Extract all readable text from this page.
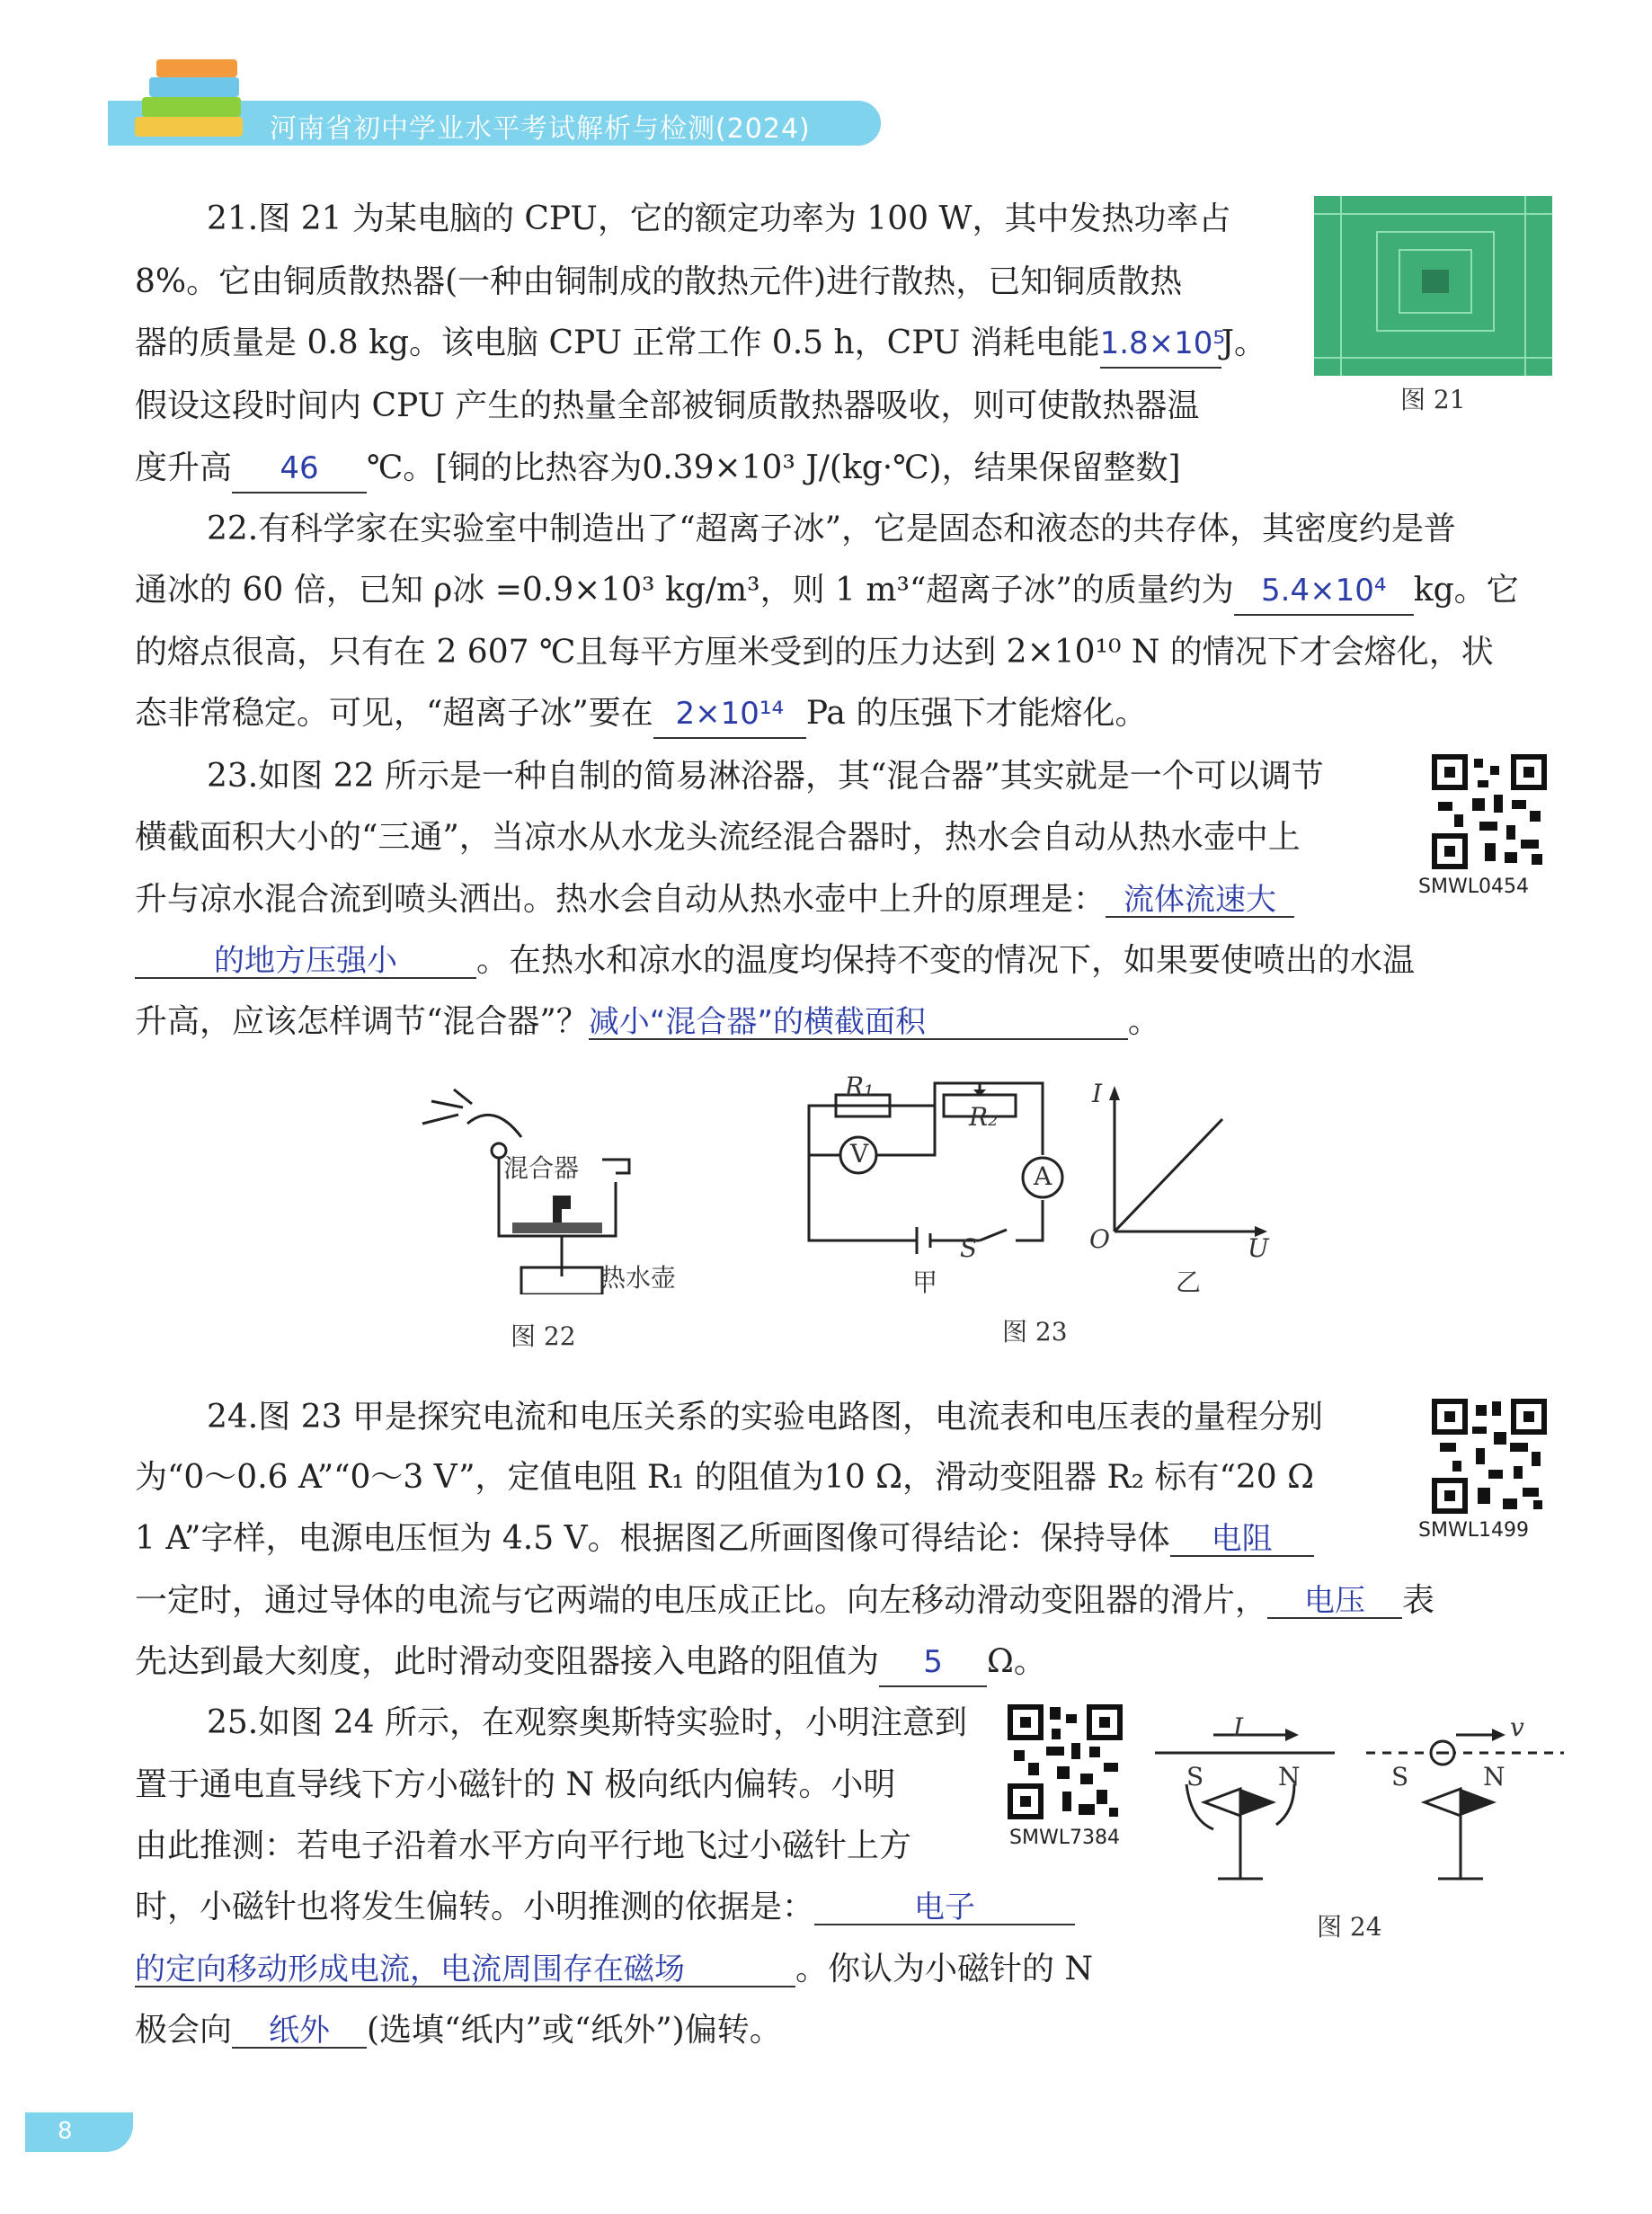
河南省初中学业水平考试解析与检测(2024)
21.图 21 为某电脑的 CPU，它的额定功率为 100 W，其中发热功率占
8%。它由铜质散热器(一种由铜制成的散热元件)进行散热，已知铜质散热
器的质量是 0.8 kg。该电脑 CPU 正常工作 0.5 h，CPU 消耗电能1.8×10⁵J。
假设这段时间内 CPU 产生的热量全部被铜质散热器吸收，则可使散热器温
度升高 46 ℃。[铜的比热容为0.39×10³ J/(kg·℃)，结果保留整数]
图 21
22.有科学家在实验室中制造出了“超离子冰”，它是固态和液态的共存体，其密度约是普
通冰的 60 倍，已知 ρ冰 =0.9×10³ kg/m³，则 1 m³“超离子冰”的质量约为 5.4×10⁴ kg。它
的熔点很高，只有在 2 607 ℃且每平方厘米受到的压力达到 2×10¹⁰ N 的情况下才会熔化，状
态非常稳定。可见，“超离子冰”要在 2×10¹⁴ Pa 的压强下才能熔化。
23.如图 22 所示是一种自制的简易淋浴器，其“混合器”其实就是一个可以调节
横截面积大小的“三通”，当凉水从水龙头流经混合器时，热水会自动从热水壶中上
升与凉水混合流到喷头洒出。热水会自动从热水壶中上升的原理是： 流体流速大
的地方压强小 。在热水和凉水的温度均保持不变的情况下，如果要使喷出的水温
升高，应该怎样调节“混合器”？减小“混合器”的横截面积	。
SMWL0454
混合器
热水壶
图 22
R₁
R₂
V
A
S
甲
I
U
O
乙
图 23
24.图 23 甲是探究电流和电压关系的实验电路图，电流表和电压表的量程分别
为“0～0.6 A”“0～3 V”，定值电阻 R₁ 的阻值为10 Ω，滑动变阻器 R₂ 标有“20 Ω
1 A”字样，电源电压恒为 4.5 V。根据图乙所画图像可得结论：保持导体 电阻
一定时，通过导体的电流与它两端的电压成正比。向左移动滑动变阻器的滑片， 电压 表
先达到最大刻度，此时滑动变阻器接入电路的阻值为 5 Ω。
SMWL1499
25.如图 24 所示，在观察奥斯特实验时，小明注意到
置于通电直导线下方小磁针的 N 极向纸内偏转。小明
由此推测：若电子沿着水平方向平行地飞过小磁针上方
时，小磁针也将发生偏转。小明推测的依据是：	电子
的定向移动形成电流，电流周围存在磁场	。你认为小磁针的 N
极会向 纸外 (选填“纸内”或“纸外”)偏转。
SMWL7384
I	v
S	N	S	N
图 24
8
